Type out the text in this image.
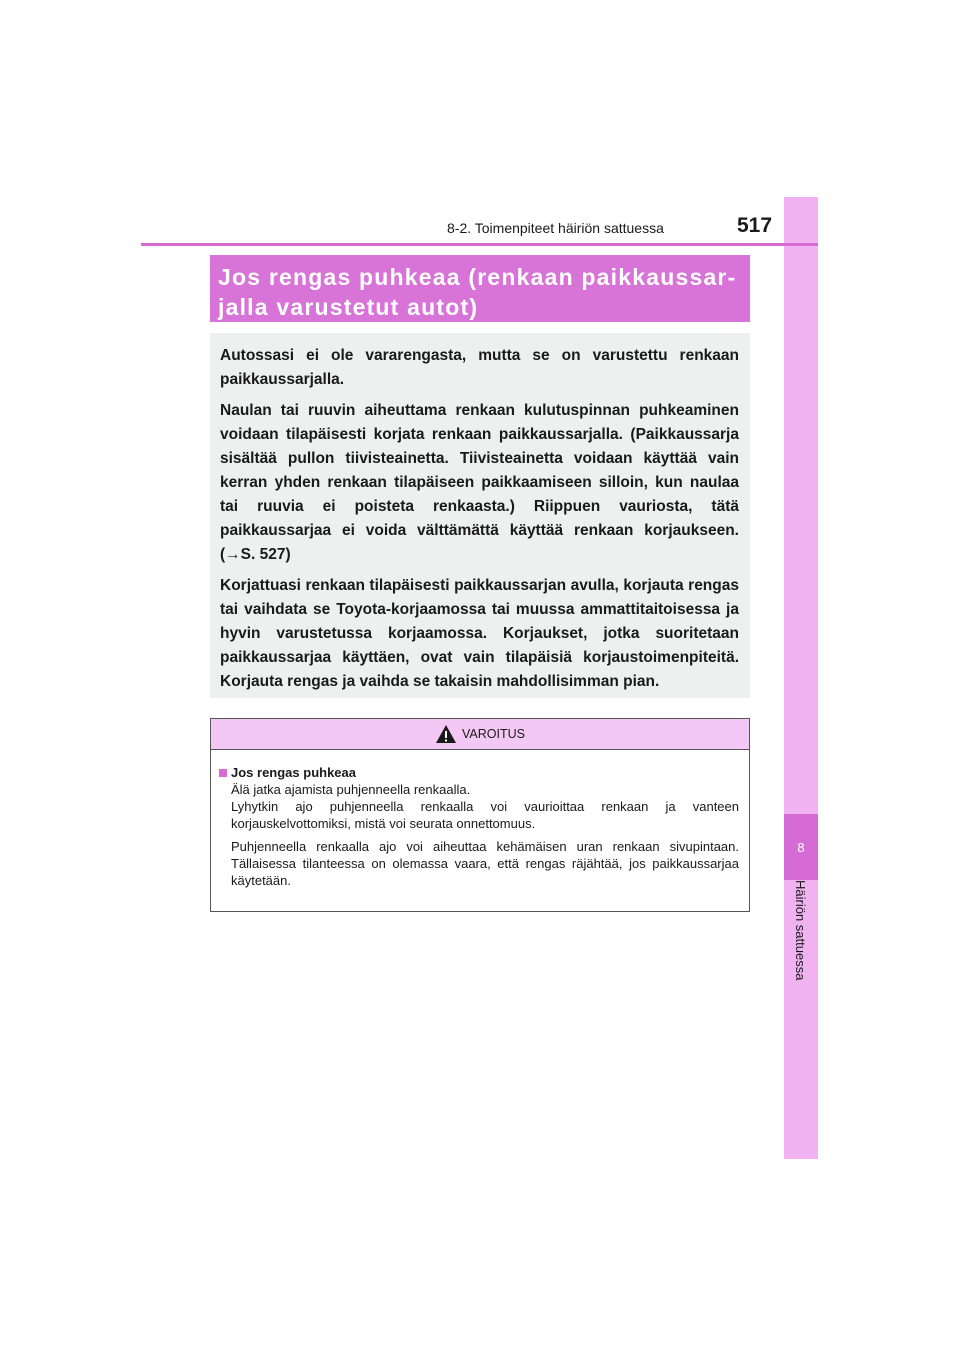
8
Häiriön sattuessa
8-2. Toimenpiteet häiriön sattuessa	517
Jos rengas puhkeaa (renkaan paikkaussar-
jalla varustetut autot)

Autossasi ei ole vararengasta, mutta se on varustettu renkaan paikkaussarjalla.

Naulan tai ruuvin aiheuttama renkaan kulutuspinnan puhkeaminen voidaan tilapäisesti korjata renkaan paikkaussarjalla. (Paikkaussarja sisältää pullon tiivisteainetta. Tiivisteainetta voidaan käyttää vain kerran yhden renkaan tilapäiseen paikkaamiseen silloin, kun naulaa tai ruuvia ei poisteta renkaasta.) Riippuen vauriosta, tätä paikkaussarjaa ei voida välttämättä käyttää renkaan korjaukseen. (→S. 527)

Korjattuasi renkaan tilapäisesti paikkaussarjan avulla, korjauta rengas tai vaihdata se Toyota-korjaamossa tai muussa ammattitaitoisessa ja hyvin varustetussa korjaamossa. Korjaukset, jotka suoritetaan paikkaussarjaa käyttäen, ovat vain tilapäisiä korjaustoimenpiteitä. Korjauta rengas ja vaihda se takaisin mahdollisimman pian.

VAROITUS
Jos rengas puhkeaa

Älä jatka ajamista puhjenneella renkaalla.

Lyhytkin ajo puhjenneella renkaalla voi vaurioittaa renkaan ja vanteen korjauskelvottomiksi, mistä voi seurata onnettomuus.

Puhjenneella renkaalla ajo voi aiheuttaa kehämäisen uran renkaan sivupintaan. Tällaisessa tilanteessa on olemassa vaara, että rengas räjähtää, jos paikkaussarjaa käytetään.
